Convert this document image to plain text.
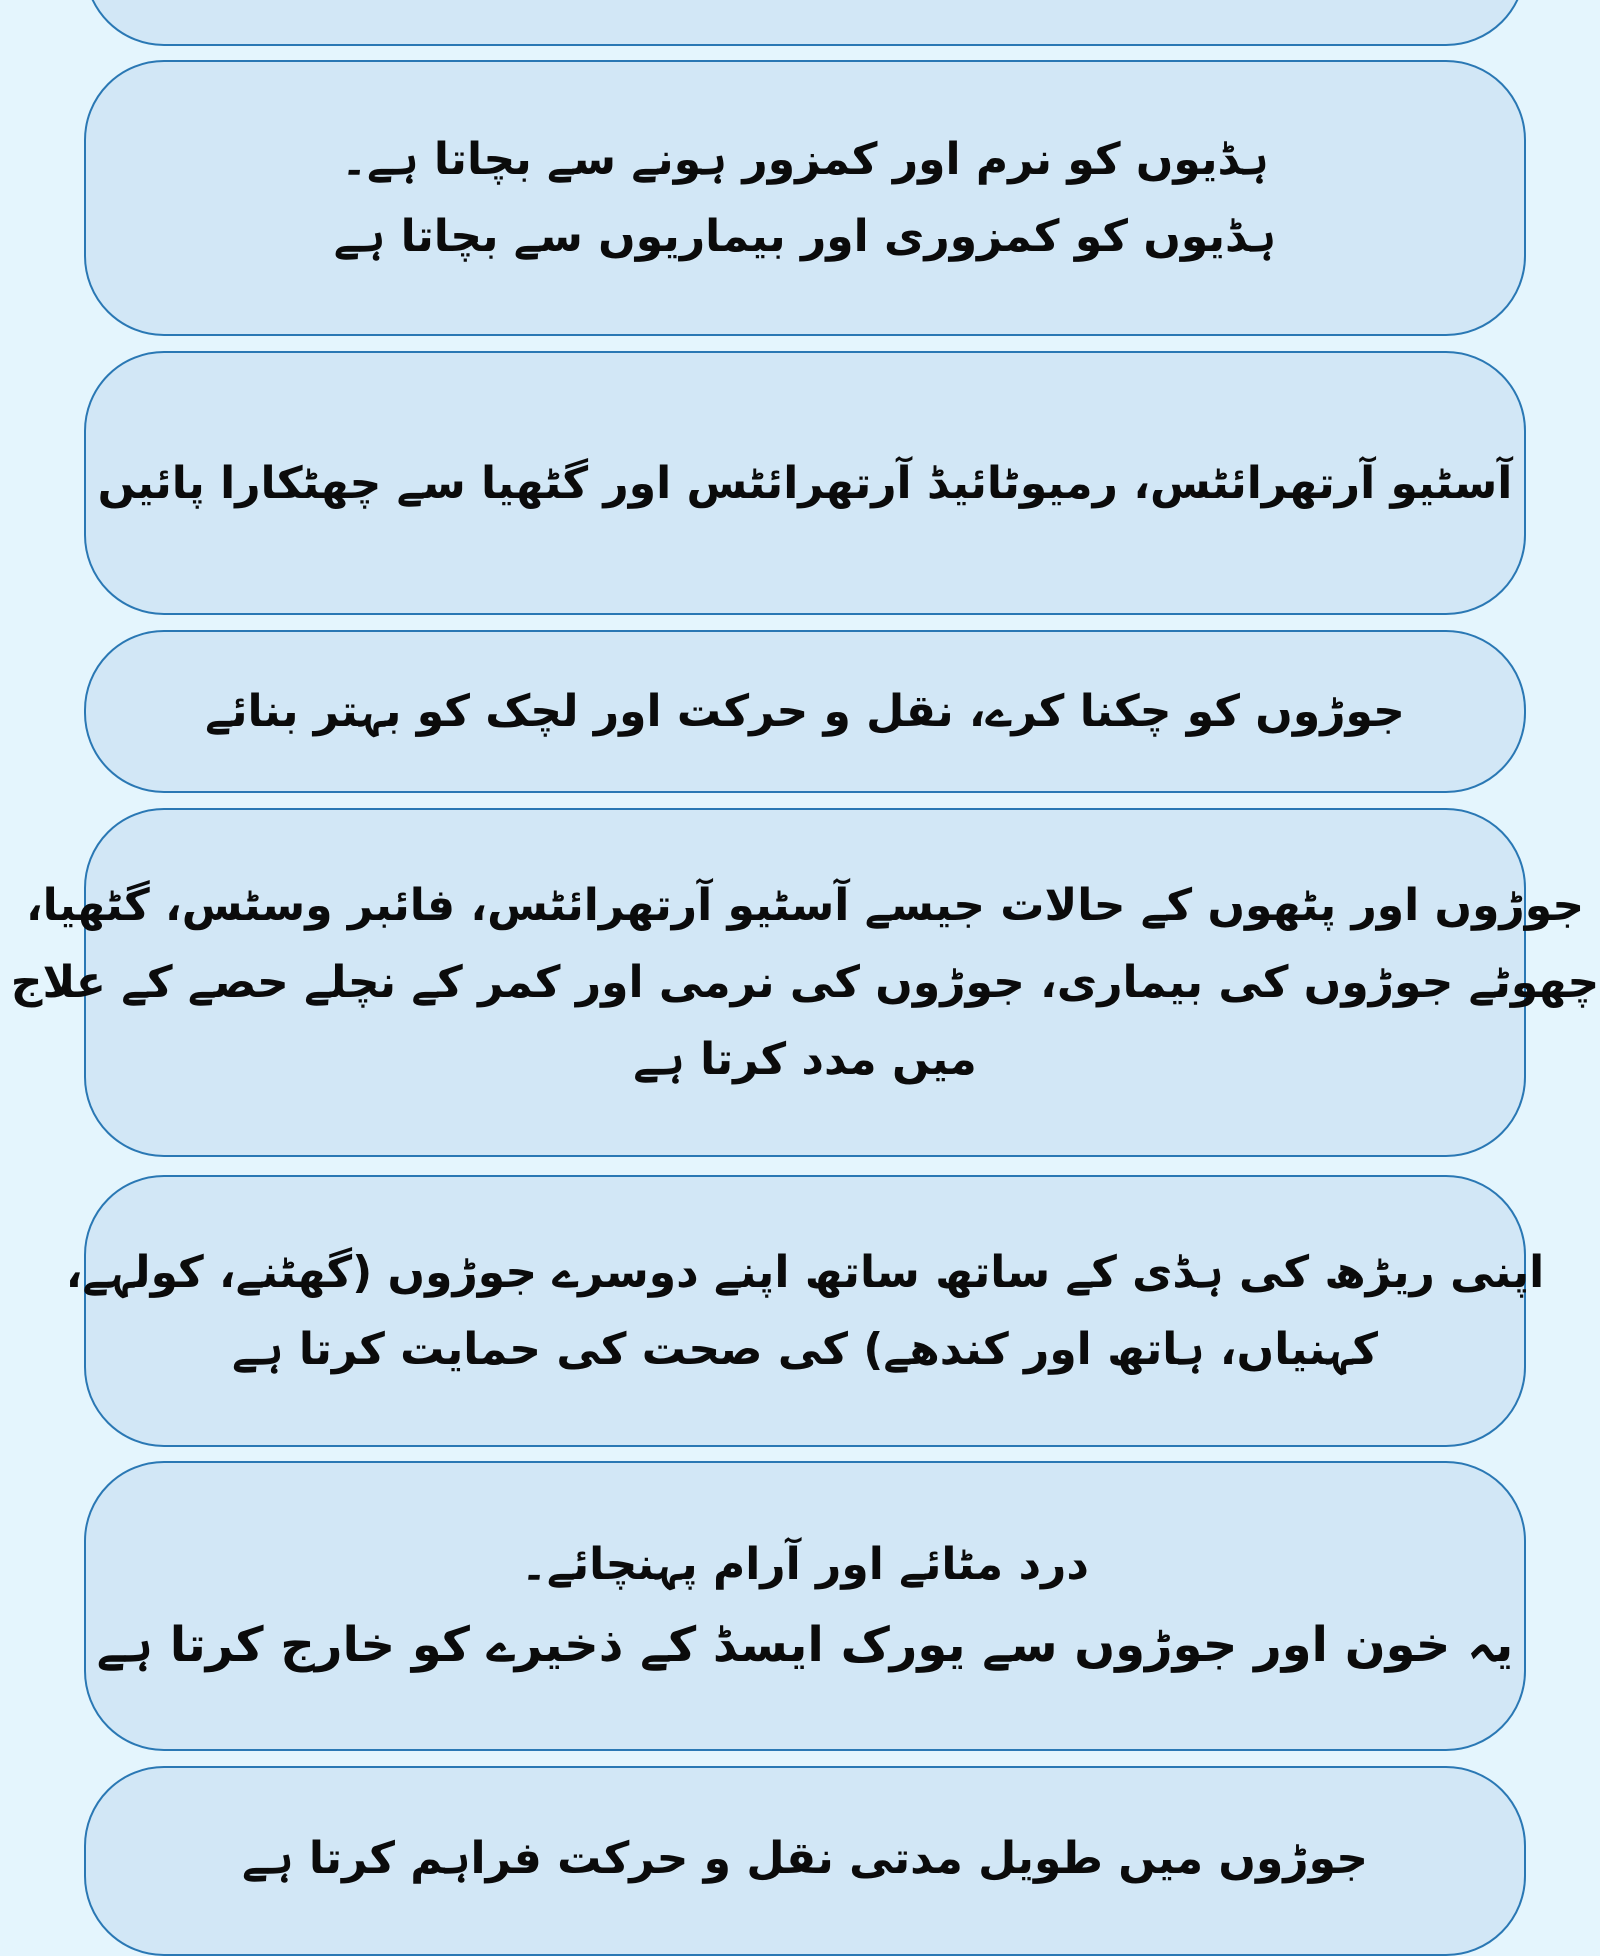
ہڈیوں کو نرم اور کمزور ہونے سے بچاتا ہے۔
ہڈیوں کو کمزوری اور بیماریوں سے بچاتا ہے
آسٹیو آرتھرائٹس، رمیوٹائیڈ آرتھرائٹس اور گٹھیا سے چھٹکارا پائیں
جوڑوں کو چکنا کرے، نقل و حرکت اور لچک کو بہتر بنائے
جوڑوں اور پٹھوں کے حالات جیسے آسٹیو آرتھرائٹس، فائبر وسٹس، گٹھیا،
چھوٹے جوڑوں کی بیماری، جوڑوں کی نرمی اور کمر کے نچلے حصے کے علاج
میں مدد کرتا ہے
اپنی ریڑھ کی ہڈی کے ساتھ ساتھ اپنے دوسرے جوڑوں (گھٹنے، کولہے،
کہنیاں، ہاتھ اور کندھے) کی صحت کی حمایت کرتا ہے
درد مٹائے اور آرام پہنچائے۔
یہ خون اور جوڑوں سے یورک ایسڈ کے ذخیرے کو خارج کرتا ہے
جوڑوں میں طویل مدتی نقل و حرکت فراہم کرتا ہے
